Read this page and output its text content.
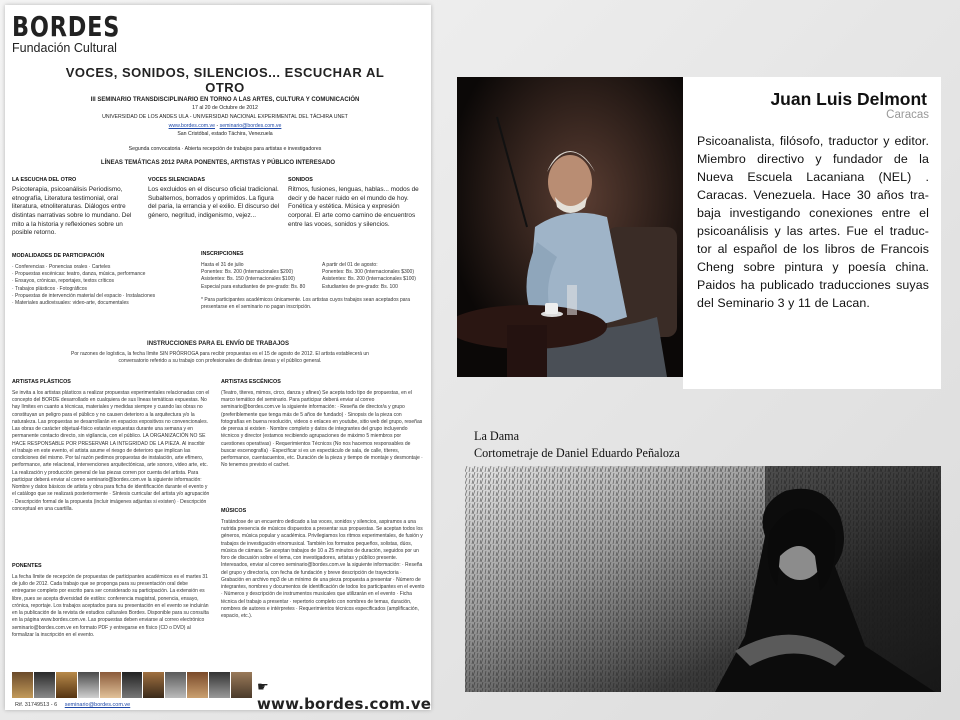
BORDES
Fundación Cultural
VOCES, SONIDOS, SILENCIOS... ESCUCHAR AL OTRO
III SEMINARIO TRANSDISCIPLINARIO EN TORNO A LAS ARTES, CULTURA Y COMUNICACIÓN
17 al 20 de Octubre de 2012
UNIVERSIDAD DE LOS ANDES ULA - UNIVERSIDAD NACIONAL EXPERIMENTAL DEL TÁCHIRA UNET
www.bordes.com.ve - seminario@bordes.com.ve
San Cristóbal, estado Táchira, Venezuela
Segunda convocatoria · Abierta recepción de trabajos para artistas e investigadores
LÍNEAS TEMÁTICAS 2012 PARA PONENTES, ARTISTAS Y PÚBLICO INTERESADO
LA ESCUCHA DEL OTRO

Psicoterapia, psicoanálisis Periodismo, etnografía, Literatura testimonial, oral literatura, etnoliteraturas. Diálogos entre distintas narrativas sobre lo mundano. Del mito a la historia y reflexiones sobre un posible retorno.

VOCES SILENCIADAS

Los excluidos en el discurso oficial tradicional. Subalternos, borrados y oprimidos. La figura del paria, la errancia y el exilio. El discurso del género, negritud, indigenismo, vejez...

SONIDOS

Ritmos, fusiones, lenguas, hablas... modos de decir y de hacer ruido en el mundo de hoy. Fonética y estética. Música y expresión corporal. El arte como camino de encuentros entre las voces, sonidos y silencios.

MODALIDADES DE PARTICIPACIÓN

· Conferencias · Ponencias orales · Carteles

· Propuestas escénicas: teatro, danza, música, performance

· Ensayos, crónicas, reportajes, textos críticos

· Trabajos plásticos · Fotográficos

· Propuestas de intervención material del espacio · Instalaciones

· Materiales audiovisuales: video-arte, documentales

INSCRIPCIONES

Hasta el 31 de julio

Ponentes: Bs. 200 (Internacionales $200)

Asistentes: Bs. 150 (Internacionales $100)

Especial para estudiantes de pre-grado: Bs. 80

A partir del 01 de agosto:

Ponentes: Bs. 300 (Internacionales $300)

Asistentes: Bs. 200 (Internacionales $100)

Estudiantes de pre-grado: Bs. 100

* Para participantes académicos únicamente. Los artistas cuyos trabajos sean aceptados para presentarse en el seminario no pagan inscripción.

INSTRUCCIONES PARA EL ENVÍO DE TRABAJOS
Por razones de logística, la fecha límite SIN PRÓRROGA para recibir propuestas es el 15 de agosto de 2012. El artista establecerá un conversatorio referido a su trabajo con profesionales de distintas áreas y el público general.
ARTISTAS PLÁSTICOS

Se invita a los artistas plásticos a realizar propuestas experimentales relacionadas con el concepto del BORDE desarrollado en cualquiera de sus líneas temáticas expuestas. No hay límites en cuanto a técnicas, materiales y medidas siempre y cuando las obras no constituyan un peligro para el público y no causen deterioro a la arquitectura y/o la naturaleza. Las propuestas se desarrollarán en espacios expositivos no convencionales. Las obras de carácter objetual-físico estarán expuestas durante una semana y en permanente contacto directo, sin vigilancia, con el público. LA ORGANIZACIÓN NO SE HACE RESPONSABLE POR PRESERVAR LA INTEGRIDAD DE LA PIEZA. Al inscribir el trabajo en este evento, el artista asume el riesgo de deterioro que implican las condiciones del mismo. Por tal razón pedimos propuestas de instalación, arte efímero, performance, arte relacional, intervenciones arquitectónicas, arte sonoro, video arte, etc. La realización y producción general de las piezas corren por cuenta del artista. Para participar deberá enviar al correo seminario@bordes.com.ve la siguiente información: Nombre y datos básicos de artista y obra para ficha de identificación durante el evento y el catálogo que se realizará posteriormente · Síntesis curricular del artista y/o agrupación · Descripción formal de la propuesta (incluir imágenes adjuntas si existen) · Descripción conceptual en una cuartilla.

PONENTES

La fecha límite de recepción de propuestas de participantes académicos es el martes 31 de julio de 2012. Cada trabajo que se proponga para su presentación oral debe entregarse completo por escrito para ser considerado su participación. La extensión es libre, pues se acepta diversidad de estilos: conferencia magistral, ponencia, ensayo, crónica, reportaje. Los trabajos aceptados para su presentación en el evento se incluirán en la publicación de la revista de estudios culturales Bordes. Disponible para su consulta en la página www.bordes.com.ve. Las propuestas deben enviarse al correo electrónico seminario@bordes.com.ve en formato PDF y entregarse en físico (CD o DVD) al formalizar la inscripción en el evento.

ARTISTAS ESCÉNICOS

(Teatro, títeres, mimos, circo, danza y afines) Se acepta todo tipo de propuestas, en el marco temático del seminario. Para participar deberá enviar al correo seminario@bordes.com.ve la siguiente información: · Reseña de director/a y grupo (preferiblemente que tenga más de 5 años de fundado) · Sinopsis de la pieza con fotografías en buena resolución, videos o enlaces en youtube, sitio web del grupo, reseñas de prensa si existen · Nombre completo y datos de integrantes del grupo incluyendo técnicos y director (estamos recibiendo agrupaciones de máximo 5 miembros por cuestiones operativas) · Requerimientos Técnicos (No nos hacemos responsables de buscar escenografía) · Especificar si es un espectáculo de sala, de calle, títeres, performance, cuentacuentos, etc. Duración de la pieza y tiempo de montaje y desmontaje · No tenemos previsto el cachet.

MÚSICOS

Tratándose de un encuentro dedicado a las voces, sonidos y silencios, aspiramos a una nutrida presencia de músicos dispuestos a presentar sus propuestas. Se aceptan todos los géneros, música popular y académica. Privilegiamos los ritmos experimentales, de fusión y trabajos de investigación etnomusical. También los formatos pequeños, solistas, dúos, música de cámara. Se aceptan trabajos de 10 a 25 minutos de duración, seguidos por un foro de discusión sobre el tema, con investigadores, artistas y público presente. Interesados, enviar al correo seminario@bordes.com.ve la siguiente información: · Reseña del grupo y director/a, con fecha de fundación y breve descripción de trayectoria · Grabación en archivo mp3 de un mínimo de una pieza propuesta a presentar · Número de integrantes, nombres y documentos de identificación de todos los participantes en el evento · Números y descripción de instrumentos musicales que utilizarán en el evento · Ficha técnica del trabajo a presentar · repertorio completo con nombres de temas, duración, nombres de autores e intérpretes · Requerimientos técnicos especificados (amplificación, espacio, etc.).

☛ www.bordes.com.ve
Rif. 31749513 - 6 seminario@bordes.com.ve
Juan Luis Delmont
Caracas
Psicoanalista, filósofo, traductor y editor. Miembro directivo y fundador de la Nueva Escuela Lacaniana (NEL) . Caracas. Venezuela. Hace 30 años tra-baja investigando conexiones entre el psicoanálisis y las artes. Fue el traduc-tor al español de los libros de Francois Cheng sobre pintura y poesía china. Paidos ha publicado traducciones suyas del Seminario 3 y 11 de Lacan.
La Dama
Cortometraje de Daniel Eduardo Peñaloza
